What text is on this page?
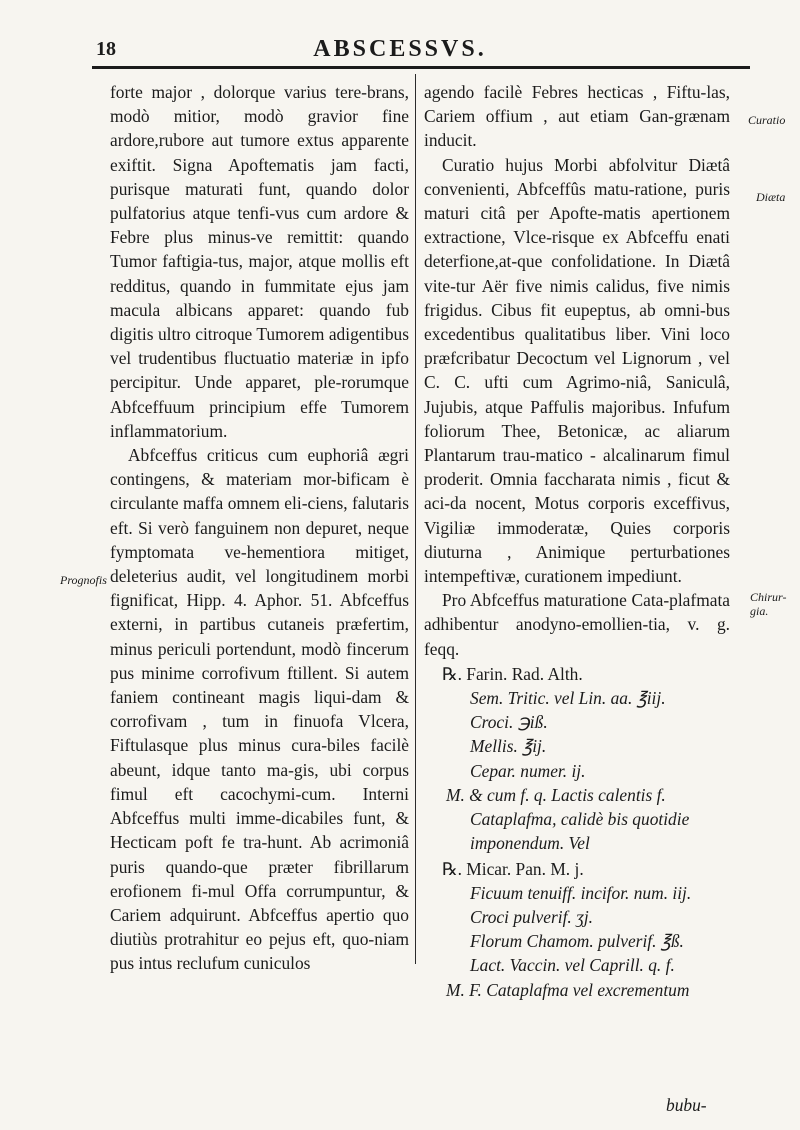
18	ABSCESSVS.
Prognofis
Curatio
Diæta
Chirur-gia.

forte major , dolorque varius tere-brans, modò mitior, modò gravior fine ardore,rubore aut tumore extus apparente exiftit. Signa Apoftematis jam facti, purisque maturati funt, quando dolor pulfatorius atque tenfi-vus cum ardore & Febre plus minus-ve remittit: quando Tumor faftigia-tus, major, atque mollis eft redditus, quando in fummitate ejus jam macula albicans apparet: quando fub digitis ultro citroque Tumorem adigentibus vel trudentibus fluctuatio materiæ in ipfo percipitur. Unde apparet, ple-rorumque Abfceffuum principium effe Tumorem inflammatorium.

Abfceffus criticus cum euphoriâ ægri contingens, & materiam mor-bificam è circulante maffa omnem eli-ciens, falutaris eft. Si verò fanguinem non depuret, neque fymptomata ve-hementiora mitiget, deleterius audit, vel longitudinem morbi fignificat, Hipp. 4. Aphor. 51. Abfceffus externi, in partibus cutaneis præfertim, minus periculi portendunt, modò fincerum pus minime corrofivum ftillent. Si autem faniem contineant magis liqui-dam & corrofivam , tum in finuofa Vlcera, Fiftulasque plus minus cura-biles facilè abeunt, idque tanto ma-gis, ubi corpus fimul eft cacochymi-cum. Interni Abfceffus multi imme-dicabiles funt, & Hecticam poft fe tra-hunt. Ab acrimoniâ puris quando-que præter fibrillarum erofionem fi-mul Offa corrumpuntur, & Cariem adquirunt. Abfceffus apertio quo diutiùs protrahitur eo pejus eft, quo-niam pus intus reclufum cuniculos

agendo facilè Febres hecticas , Fiftu-las, Cariem offium , aut etiam Gan-grænam inducit.

Curatio hujus Morbi abfolvitur Diætâ convenienti, Abfceffûs matu-ratione, puris maturi citâ per Apofte-matis apertionem extractione, Vlce-risque ex Abfceffu enati deterfione,at-que confolidatione. In Diætâ vite-tur Aër five nimis calidus, five nimis frigidus. Cibus fit eupeptus, ab omni-bus excedentibus qualitatibus liber. Vini loco præfcribatur Decoctum vel Lignorum , vel C. C. ufti cum Agrimo-niâ, Saniculâ, Jujubis, atque Paffulis majoribus. Infufum foliorum Thee, Betonicæ, ac aliarum Plantarum trau-matico - alcalinarum fimul proderit. Omnia faccharata nimis , ficut & aci-da nocent, Motus corporis exceffivus, Vigiliæ immoderatæ, Quies corporis diuturna , Animique perturbationes intempeftivæ, curationem impediunt.

Pro Abfceffus maturatione Cata-plafmata adhibentur anodyno-emollien-tia, v. g. feqq.

℞. Farin. Rad. Alth.
Sem. Tritic. vel Lin. aa. ℥iij.
Croci. ℈iß.
Mellis. ℥ij.
Cepar. numer. ij.
M. & cum f. q. Lactis calentis f.
Cataplafma, calidè bis quotidie
imponendum. Vel
℞. Micar. Pan. M. j.
Ficuum tenuiff. incifor. num. iij.
Croci pulverif. ʒj.
Florum Chamom. pulverif. ℥ß.
Lact. Vaccin. vel Caprill. q. f.
M. F. Cataplafma vel excrementum
bubu-
